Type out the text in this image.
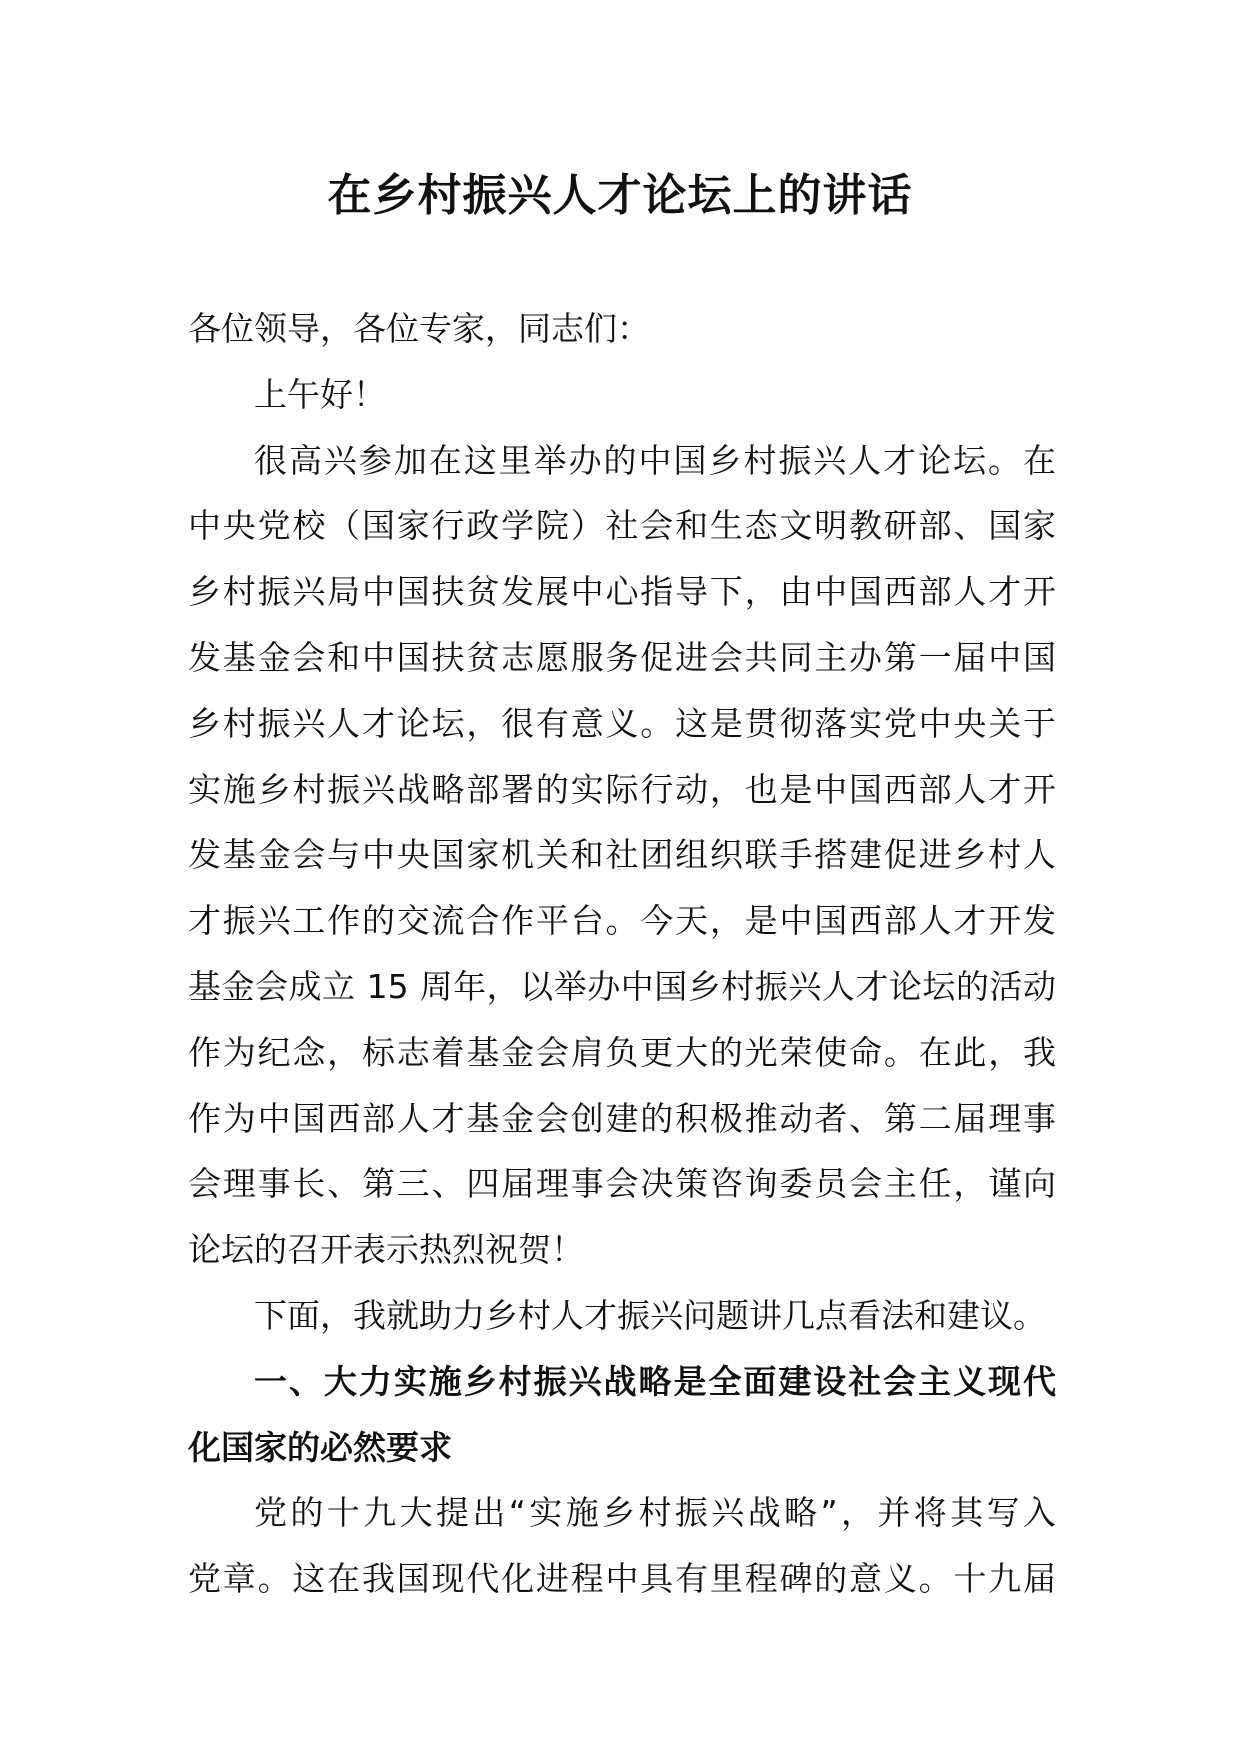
在乡村振兴人才论坛上的讲话
各位领导，各位专家，同志们：
上午好！
很高兴参加在这里举办的中国乡村振兴人才论坛。在
中央党校（国家行政学院）社会和生态文明教研部、国家
乡村振兴局中国扶贫发展中心指导下，由中国西部人才开
发基金会和中国扶贫志愿服务促进会共同主办第一届中国
乡村振兴人才论坛，很有意义。这是贯彻落实党中央关于
实施乡村振兴战略部署的实际行动，也是中国西部人才开
发基金会与中央国家机关和社团组织联手搭建促进乡村人
才振兴工作的交流合作平台。今天，是中国西部人才开发
基金会成立 15 周年，以举办中国乡村振兴人才论坛的活动
作为纪念，标志着基金会肩负更大的光荣使命。在此，我
作为中国西部人才基金会创建的积极推动者、第二届理事
会理事长、第三、四届理事会决策咨询委员会主任，谨向
论坛的召开表示热烈祝贺！
下面，我就助力乡村人才振兴问题讲几点看法和建议。
一、大力实施乡村振兴战略是全面建设社会主义现代
化国家的必然要求
党的十九大提出“实施乡村振兴战略”，并将其写入
党章。这在我国现代化进程中具有里程碑的意义。十九届
